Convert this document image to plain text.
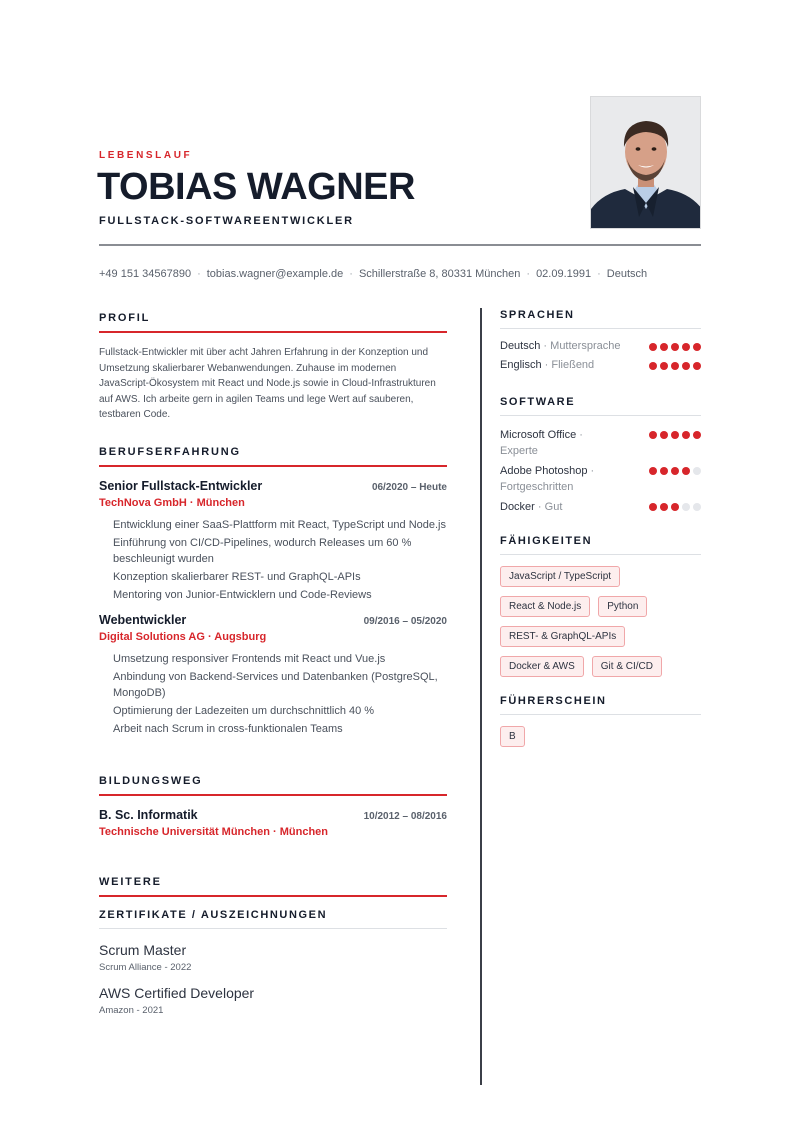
LEBENSLAUF
TOBIAS WAGNER
FULLSTACK-SOFTWAREENTWICKLER
+49 151 34567890 · tobias.wagner@example.de · Schillerstraße 8, 80331 München · 02.09.1991 · Deutsch
PROFIL

Fullstack-Entwickler mit über acht Jahren Erfahrung in der Konzeption und Umsetzung skalierbarer Webanwendungen. Zuhause im modernen JavaScript-Ökosystem mit React und Node.js sowie in Cloud-Infrastrukturen auf AWS. Ich arbeite gern in agilen Teams und lege Wert auf sauberen, testbaren Code.

BERUFSERFAHRUNG
Senior Fullstack-Entwickler	06/2020 – Heute
TechNova GmbH · München
Entwicklung einer SaaS-Plattform mit React, TypeScript und Node.js
Einführung von CI/CD-Pipelines, wodurch Releases um 60 % beschleunigt wurden
Konzeption skalierbarer REST- und GraphQL-APIs
Mentoring von Junior-Entwicklern und Code-Reviews
Webentwickler	09/2016 – 05/2020
Digital Solutions AG · Augsburg
Umsetzung responsiver Frontends mit React und Vue.js
Anbindung von Backend-Services und Datenbanken (PostgreSQL, MongoDB)
Optimierung der Ladezeiten um durchschnittlich 40 %
Arbeit nach Scrum in cross-funktionalen Teams
BILDUNGSWEG
B. Sc. Informatik	10/2012 – 08/2016
Technische Universität München · München
WEITERE
ZERTIFIKATE / AUSZEICHNUNGEN
Scrum Master
Scrum Alliance - 2022
AWS Certified Developer
Amazon - 2021
SPRACHEN
Deutsch · Muttersprache
Englisch · Fließend
SOFTWARE
Microsoft Office · Experte
Adobe Photoshop · Fortgeschritten
Docker · Gut
FÄHIGKEITEN
JavaScript / TypeScript
React & Node.js	Python
REST- & GraphQL-APIs
Docker & AWS	Git & CI/CD
FÜHRERSCHEIN
B
